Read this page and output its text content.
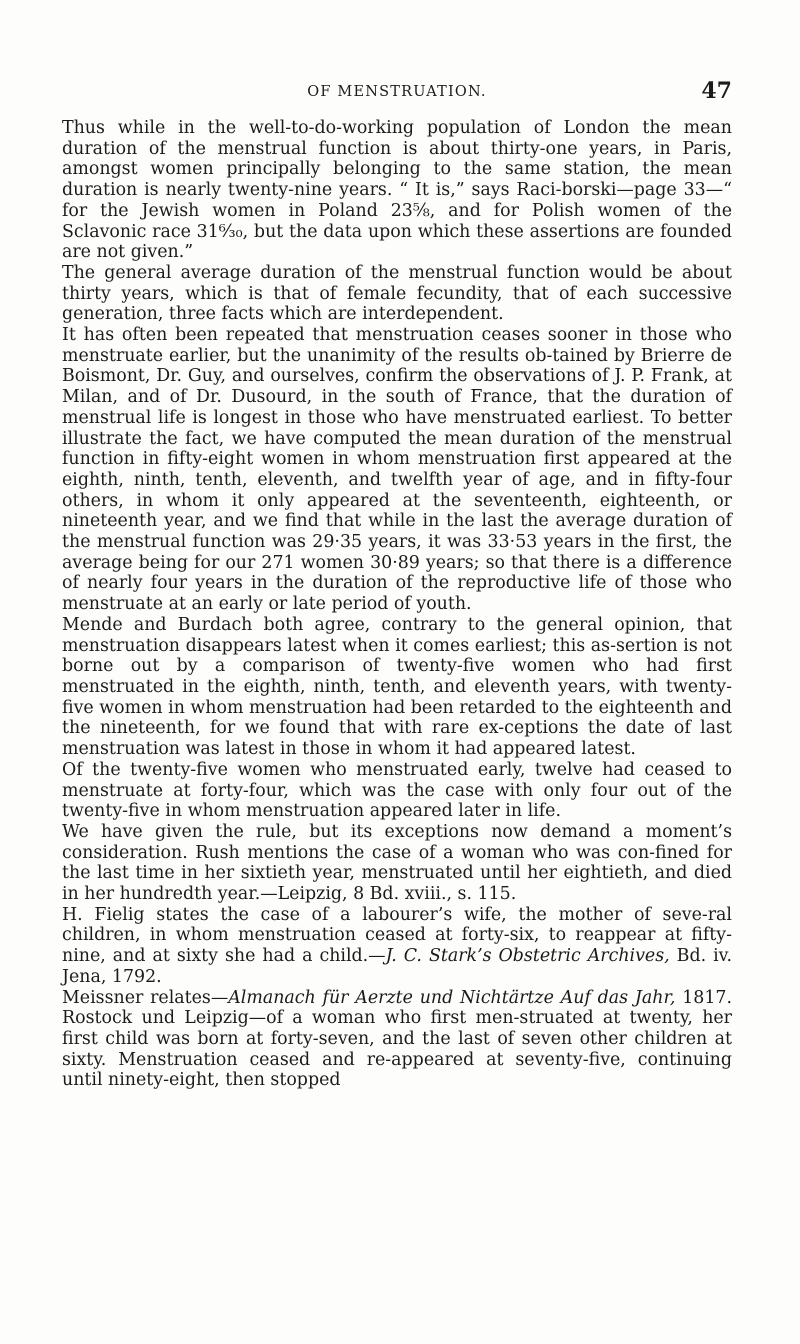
OF MENSTRUATION.	47

Thus while in the well-to-do-working population of London the mean duration of the menstrual function is about thirty-one years, in Paris, amongst women principally belonging to the same station, the mean duration is nearly twenty-nine years. “ It is,” says Raci-borski—page 33—“ for the Jewish women in Poland 23⅝, and for Polish women of the Sclavonic race 31⁶⁄₃₀, but the data upon which these assertions are founded are not given.”

The general average duration of the menstrual function would be about thirty years, which is that of female fecundity, that of each successive generation, three facts which are interdependent.

It has often been repeated that menstruation ceases sooner in those who menstruate earlier, but the unanimity of the results ob-tained by Brierre de Boismont, Dr. Guy, and ourselves, confirm the observations of J. P. Frank, at Milan, and of Dr. Dusourd, in the south of France, that the duration of menstrual life is longest in those who have menstruated earliest. To better illustrate the fact, we have computed the mean duration of the menstrual function in fifty-eight women in whom menstruation first appeared at the eighth, ninth, tenth, eleventh, and twelfth year of age, and in fifty-four others, in whom it only appeared at the seventeenth, eighteenth, or nineteenth year, and we find that while in the last the average duration of the menstrual function was 29·35 years, it was 33·53 years in the first, the average being for our 271 women 30·89 years; so that there is a difference of nearly four years in the duration of the reproductive life of those who menstruate at an early or late period of youth.

Mende and Burdach both agree, contrary to the general opinion, that menstruation disappears latest when it comes earliest; this as-sertion is not borne out by a comparison of twenty-five women who had first menstruated in the eighth, ninth, tenth, and eleventh years, with twenty-five women in whom menstruation had been retarded to the eighteenth and the nineteenth, for we found that with rare ex-ceptions the date of last menstruation was latest in those in whom it had appeared latest.

Of the twenty-five women who menstruated early, twelve had ceased to menstruate at forty-four, which was the case with only four out of the twenty-five in whom menstruation appeared later in life.

We have given the rule, but its exceptions now demand a moment’s consideration. Rush mentions the case of a woman who was con-fined for the last time in her sixtieth year, menstruated until her eightieth, and died in her hundredth year.—Leipzig, 8 Bd. xviii., s. 115.

H. Fielig states the case of a labourer’s wife, the mother of seve-ral children, in whom menstruation ceased at forty-six, to reappear at fifty-nine, and at sixty she had a child.—J. C. Stark’s Obstetric Archives, Bd. iv. Jena, 1792.

Meissner relates—Almanach für Aerzte und Nichtärtze Auf das Jahr, 1817. Rostock und Leipzig—of a woman who first men-struated at twenty, her first child was born at forty-seven, and the last of seven other children at sixty. Menstruation ceased and re-appeared at seventy-five, continuing until ninety-eight, then stopped
